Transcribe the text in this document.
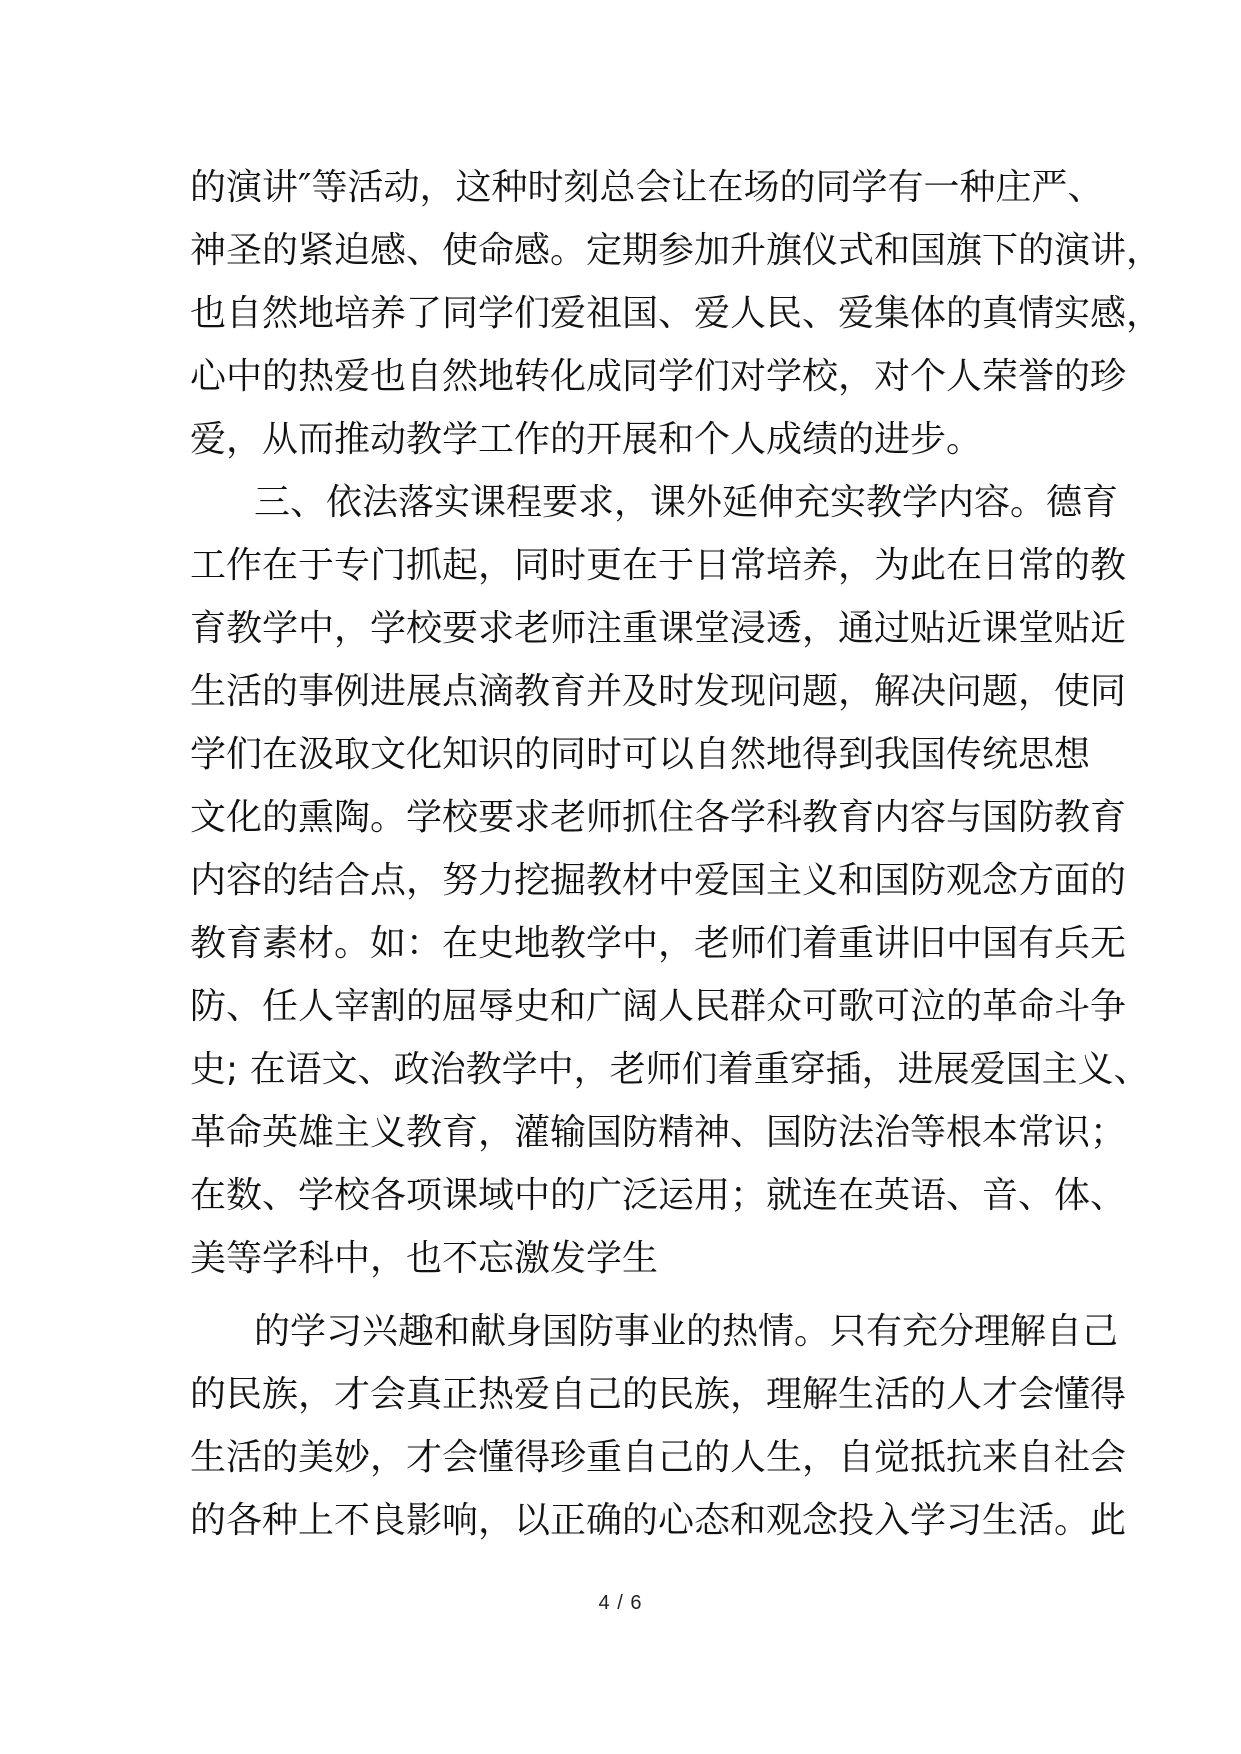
的演讲″等活动，这种时刻总会让在场的同学有一种庄严、
神圣的紧迫感、使命感。定期参加升旗仪式和国旗下的演讲，
也自然地培养了同学们爱祖国、爱人民、爱集体的真情实感，
心中的热爱也自然地转化成同学们对学校，对个人荣誉的珍
爱，从而推动教学工作的开展和个人成绩的进步。
三、依法落实课程要求，课外延伸充实教学内容。德育
工作在于专门抓起，同时更在于日常培养，为此在日常的教
育教学中，学校要求老师注重课堂浸透，通过贴近课堂贴近
生活的事例进展点滴教育并及时发现问题，解决问题，使同
学们在汲取文化知识的同时可以自然地得到我国传统思想
文化的熏陶。学校要求老师抓住各学科教育内容与国防教育
内容的结合点，努力挖掘教材中爱国主义和国防观念方面的
教育素材。如：在史地教学中，老师们着重讲旧中国有兵无
防、任人宰割的屈辱史和广阔人民群众可歌可泣的革命斗争
史; 在语文、政治教学中，老师们着重穿插，进展爱国主义、
革命英雄主义教育，灌输国防精神、国防法治等根本常识；
在数、学校各项课域中的广泛运用；就连在英语、音、体、
美等学科中，也不忘激发学生
的学习兴趣和献身国防事业的热情。只有充分理解自己
的民族，才会真正热爱自己的民族，理解生活的人才会懂得
生活的美妙，才会懂得珍重自己的人生，自觉抵抗来自社会
的各种上不良影响，以正确的心态和观念投入学习生活。此
4 / 6
